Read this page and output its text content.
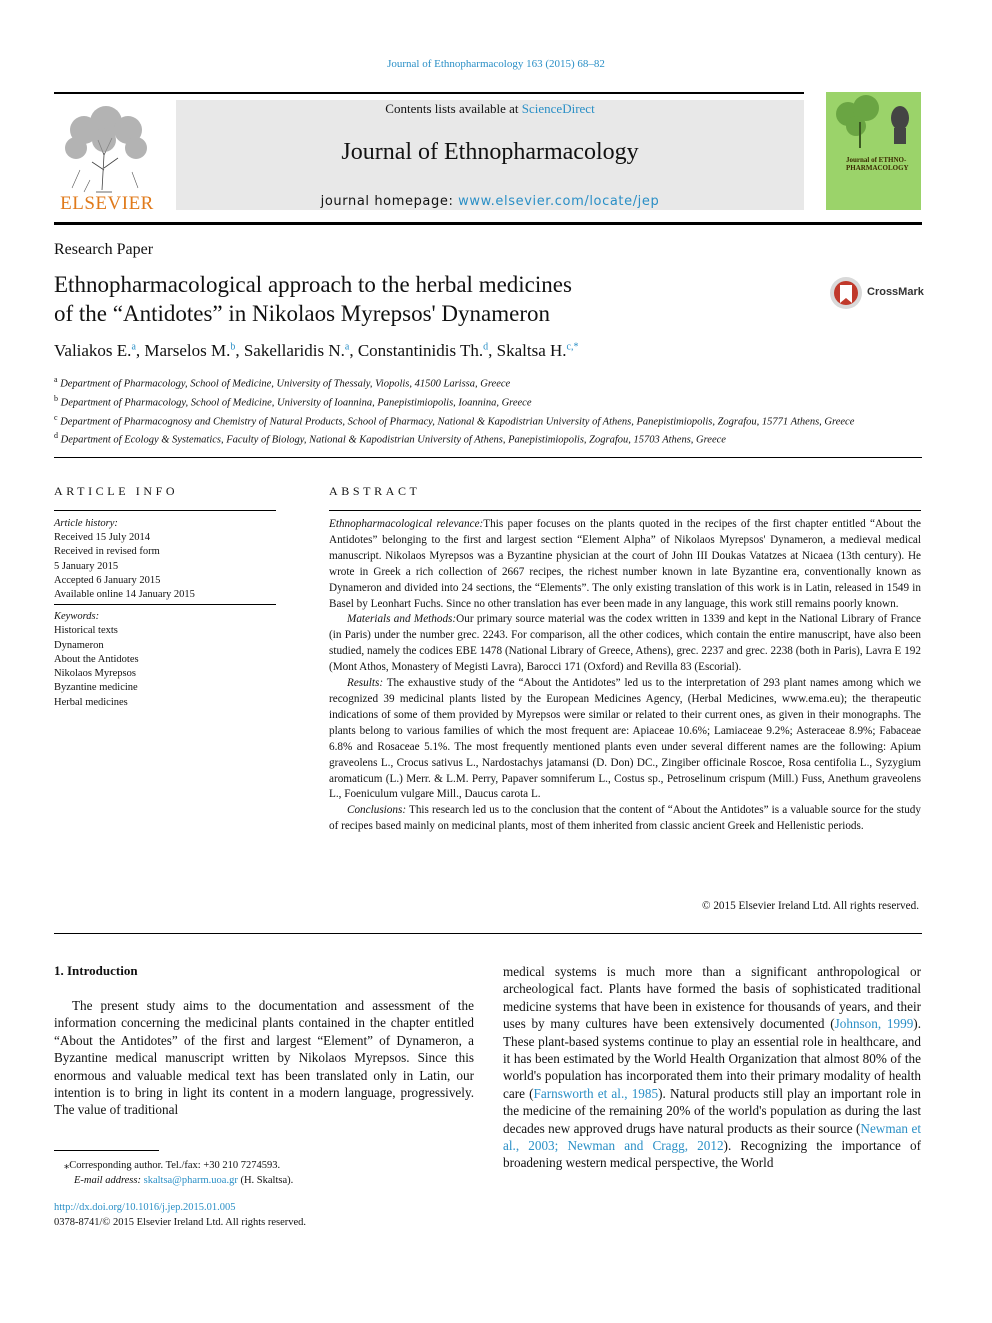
Journal of Ethnopharmacology 163 (2015) 68–82
ELSEVIER
Contents lists available at ScienceDirect
Journal of Ethnopharmacology
journal homepage: www.elsevier.com/locate/jep
Journal of ETHNO-PHARMACOLOGY
Research Paper
Ethnopharmacological approach to the herbal medicines
of the “Antidotes” in Nikolaos Myrepsos' Dynameron
CrossMark
Valiakos E.$^a$, Marselos M.$^b$, Sakellaridis N.$^a$, Constantinidis Th.$^d$, Skaltsa H.$^{c,*}$
$^a$ Department of Pharmacology, School of Medicine, University of Thessaly, Viopolis, 41500 Larissa, Greece
$^b$ Department of Pharmacology, School of Medicine, University of Ioannina, Panepistimiopolis, Ioannina, Greece
$^c$ Department of Pharmacognosy and Chemistry of Natural Products, School of Pharmacy, National & Kapodistrian University of Athens, Panepistimiopolis, Zografou, 15771 Athens, Greece
$^d$ Department of Ecology & Systematics, Faculty of Biology, National & Kapodistrian University of Athens, Panepistimiopolis, Zografou, 15703 Athens, Greece
ARTICLE INFO	ABSTRACT
Article history:
Received 15 July 2014
Received in revised form
5 January 2015
Accepted 6 January 2015
Available online 14 January 2015
Keywords:
Historical texts
Dynameron
About the Antidotes
Nikolaos Myrepsos
Byzantine medicine
Herbal medicines

Ethnopharmacological relevance:This paper focuses on the plants quoted in the recipes of the first chapter entitled “About the Antidotes” belonging to the first and largest section “Element Alpha” of Nikolaos Myrepsos' Dynameron, a medieval medical manuscript. Nikolaos Myrepsos was a Byzantine physician at the court of John III Doukas Vatatzes at Nicaea (13th century). He wrote in Greek a rich collection of 2667 recipes, the richest number known in late Byzantine era, conventionally known as Dynameron and divided into 24 sections, the “Elements”. The only existing translation of this work is in Latin, released in 1549 in Basel by Leonhart Fuchs. Since no other translation has ever been made in any language, this work still remains poorly known.

Materials and Methods:Our primary source material was the codex written in 1339 and kept in the National Library of France (in Paris) under the number grec. 2243. For comparison, all the other codices, which contain the entire manuscript, have also been studied, namely the codices EBE 1478 (National Library of Greece, Athens), grec. 2237 and grec. 2238 (both in Paris), Lavra Ε 192 (Mont Athos, Monastery of Megisti Lavra), Barocci 171 (Oxford) and Revilla 83 (Escorial).

Results: The exhaustive study of the “About the Antidotes” led us to the interpretation of 293 plant names among which we recognized 39 medicinal plants listed by the European Medicines Agency, (Herbal Medicines, www.ema.eu); the therapeutic indications of some of them provided by Myrepsos were similar or related to their current ones, as given in their monographs. The plants belong to various families of which the most frequent are: Apiaceae 10.6%; Lamiaceae 9.2%; Asteraceae 8.9%; Fabaceae 6.8% and Rosaceae 5.1%. The most frequently mentioned plants even under several different names are the following: Apium graveolens L., Crocus sativus L., Nardostachys jatamansi (D. Don) DC., Zingiber officinale Roscoe, Rosa centifolia L., Syzygium aromaticum (L.) Merr. & L.M. Perry, Papaver somniferum L., Costus sp., Petroselinum crispum (Mill.) Fuss, Anethum graveolens L., Foeniculum vulgare Mill., Daucus carota L.

Conclusions: This research led us to the conclusion that the content of “About the Antidotes” is a valuable source for the study of recipes based mainly on medicinal plants, most of them inherited from classic ancient Greek and Hellenistic periods.

© 2015 Elsevier Ireland Ltd. All rights reserved.
1. Introduction

The present study aims to the documentation and assessment of the information concerning the medicinal plants contained in the chapter entitled “About the Antidotes” of the first and largest “Element” of Dynameron, a Byzantine medical manuscript written by Nikolaos Myrepsos. Since this enormous and valuable medical text has been translated only in Latin, our intention is to bring in light its content in a modern language, progressively. The value of traditional

medical systems is much more than a significant anthropological or archeological fact. Plants have formed the basis of sophisticated traditional medicine systems that have been in existence for thousands of years, and their uses by many cultures have been extensively documented (Johnson, 1999). These plant-based systems continue to play an essential role in healthcare, and it has been estimated by the World Health Organization that almost 80% of the world's population has incorporated them into their primary modality of health care (Farnsworth et al., 1985). Natural products still play an important role in the medicine of the remaining 20% of the world's population as during the last decades new approved drugs have natural products as their source (Newman et al., 2003; Newman and Cragg, 2012). Recognizing the importance of broadening western medical perspective, the World

⁎Corresponding author. Tel./fax: +30 210 7274593.
E-mail address: skaltsa@pharm.uoa.gr (H. Skaltsa).
http://dx.doi.org/10.1016/j.jep.2015.01.005
0378-8741/© 2015 Elsevier Ireland Ltd. All rights reserved.
